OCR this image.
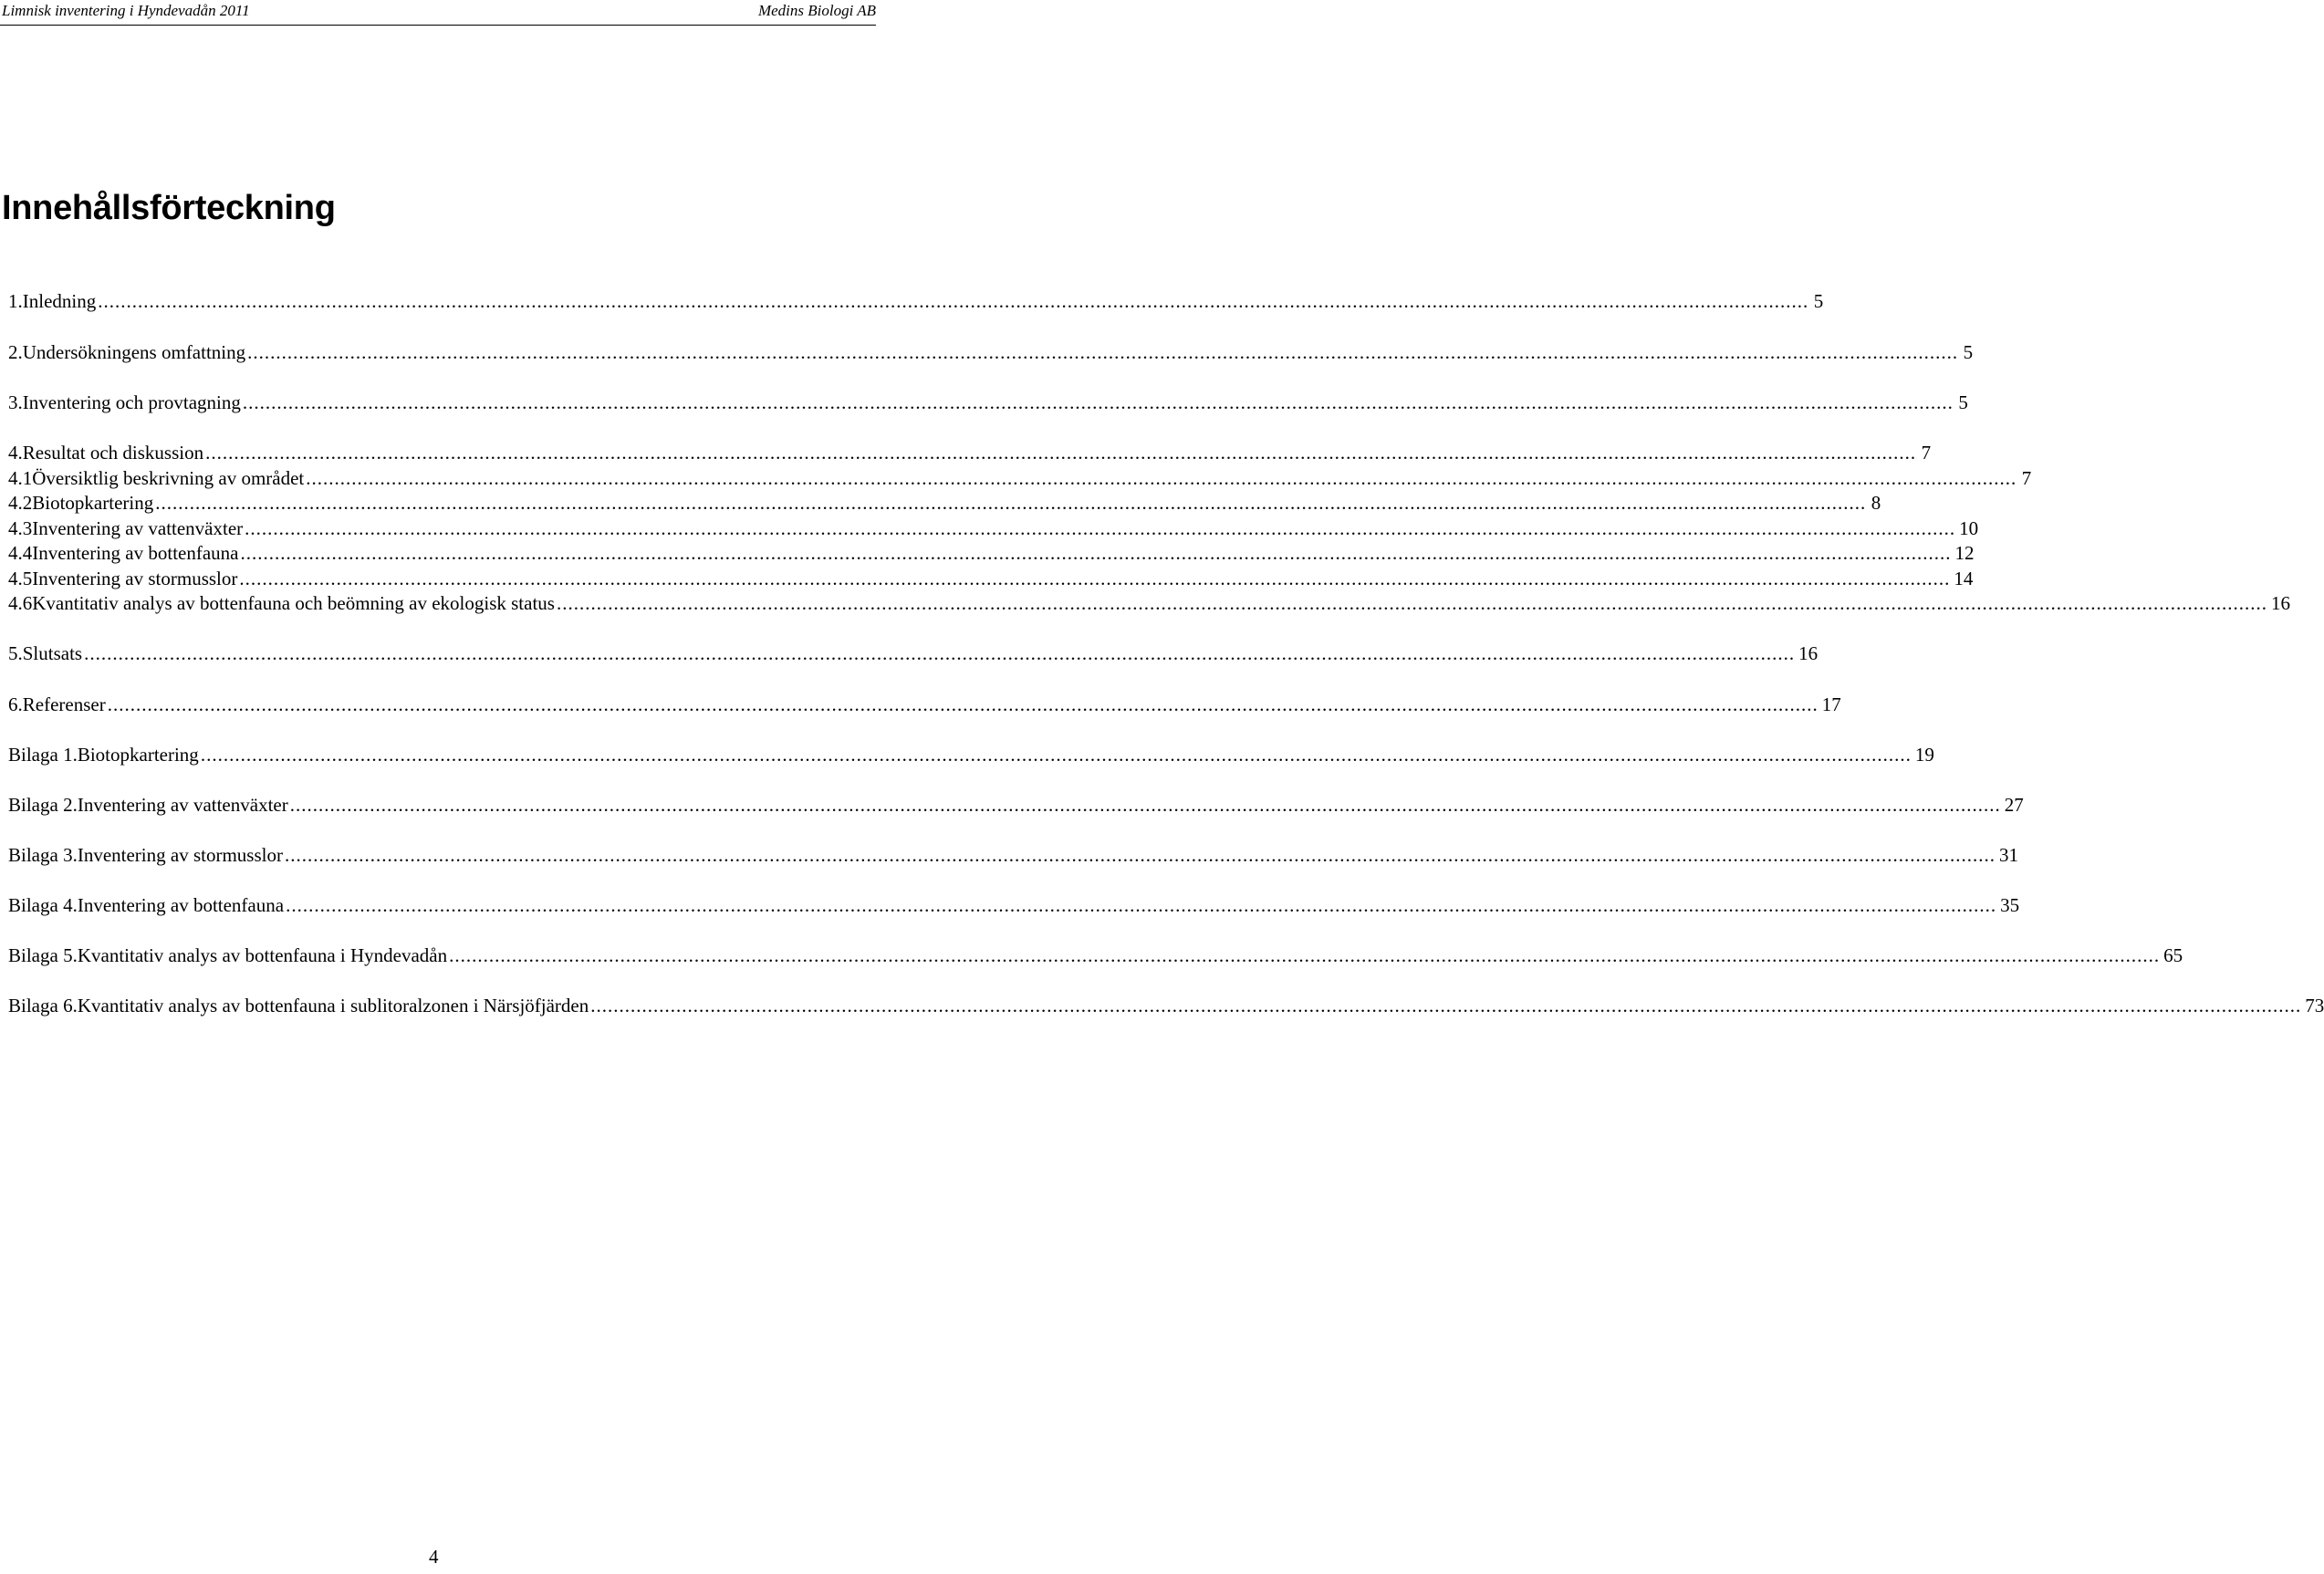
Limnisk inventering i Hyndevadån 2011	Medins Biologi AB
Innehållsförteckning
1. Inledning ............................................................................................................................................................................................................................................................................................................ 5
2. Undersökningens omfattning ............................................................................................................................................................................................................................................................................................................ 5
3. Inventering och provtagning ............................................................................................................................................................................................................................................................................................................ 5
4. Resultat och diskussion ............................................................................................................................................................................................................................................................................................................ 7
4.1 Översiktlig beskrivning av området ............................................................................................................................................................................................................................................................................................................ 7
4.2 Biotopkartering ............................................................................................................................................................................................................................................................................................................ 8
4.3 Inventering av vattenväxter ............................................................................................................................................................................................................................................................................................................ 10
4.4 Inventering av bottenfauna ............................................................................................................................................................................................................................................................................................................ 12
4.5 Inventering av stormusslor ............................................................................................................................................................................................................................................................................................................ 14
4.6 Kvantitativ analys av bottenfauna och beömning av ekologisk status ............................................................................................................................................................................................................................................................................................................ 16
5. Slutsats ............................................................................................................................................................................................................................................................................................................ 16
6. Referenser ............................................................................................................................................................................................................................................................................................................ 17
Bilaga 1. Biotopkartering ............................................................................................................................................................................................................................................................................................................ 19
Bilaga 2. Inventering av vattenväxter ............................................................................................................................................................................................................................................................................................................ 27
Bilaga 3. Inventering av stormusslor ............................................................................................................................................................................................................................................................................................................ 31
Bilaga 4. Inventering av bottenfauna ............................................................................................................................................................................................................................................................................................................ 35
Bilaga 5. Kvantitativ analys av bottenfauna i Hyndevadån ............................................................................................................................................................................................................................................................................................................ 65
Bilaga 6. Kvantitativ analys av bottenfauna i sublitoralzonen i Närsjöfjärden ............................................................................................................................................................................................................................................................................................................ 73
4
